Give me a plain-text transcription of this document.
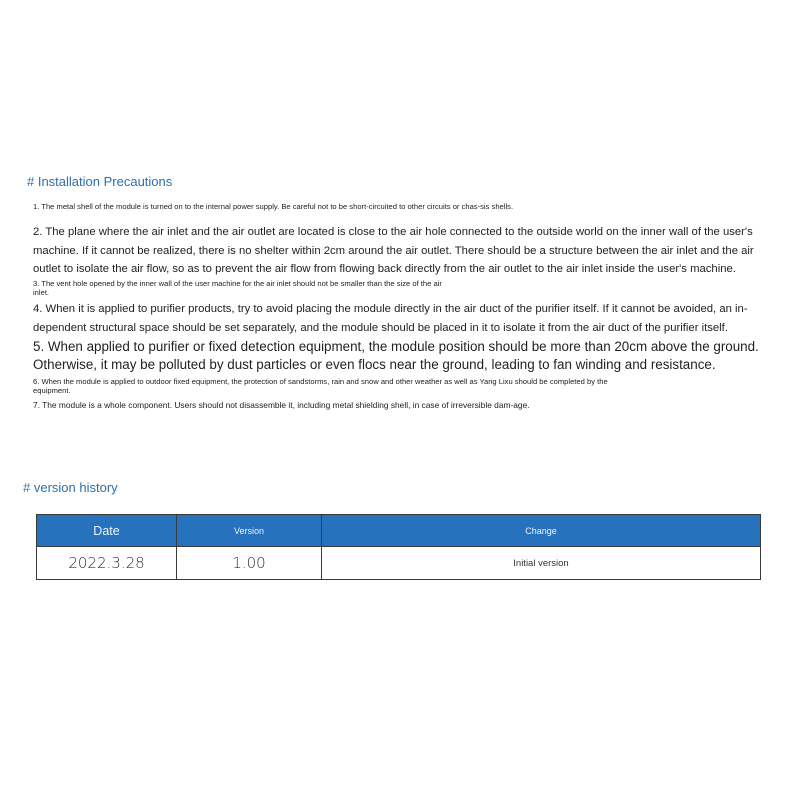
# Installation Precautions

1. The metal shell of the module is turned on to the internal power supply. Be careful not to be short-circuited to other circuits or chas-sis shells.

2. The plane where the air inlet and the air outlet are located is close to the air hole connected to the outside world on the inner wall of the user's machine. If it cannot be realized, there is no shelter within 2cm around the air outlet. There should be a structure between the air inlet and the air outlet to isolate the air flow, so as to prevent the air flow from flowing back directly from the air outlet to the air inlet inside the user's machine.

3. The vent hole opened by the inner wall of the user machine for the air inlet should not be smaller than the size of the air inlet.

4. When it is applied to purifier products, try to avoid placing the module directly in the air duct of the purifier itself. If it cannot be avoided, an in-dependent structural space should be set separately, and the module should be placed in it to isolate it from the air duct of the purifier itself.

5. When applied to purifier or fixed detection equipment, the module position should be more than 20cm above the ground. Otherwise, it may be polluted by dust particles or even flocs near the ground, leading to fan winding and resistance.

6. When the module is applied to outdoor fixed equipment, the protection of sandstorms, rain and snow and other weather as well as Yang Lixu should be completed by the equipment.

7. The module is a whole component. Users should not disassemble it, including metal shielding shell, in case of irreversible dam-age.

# version history
Date	Version	Change
2022.3.28	1.00	Initial version
